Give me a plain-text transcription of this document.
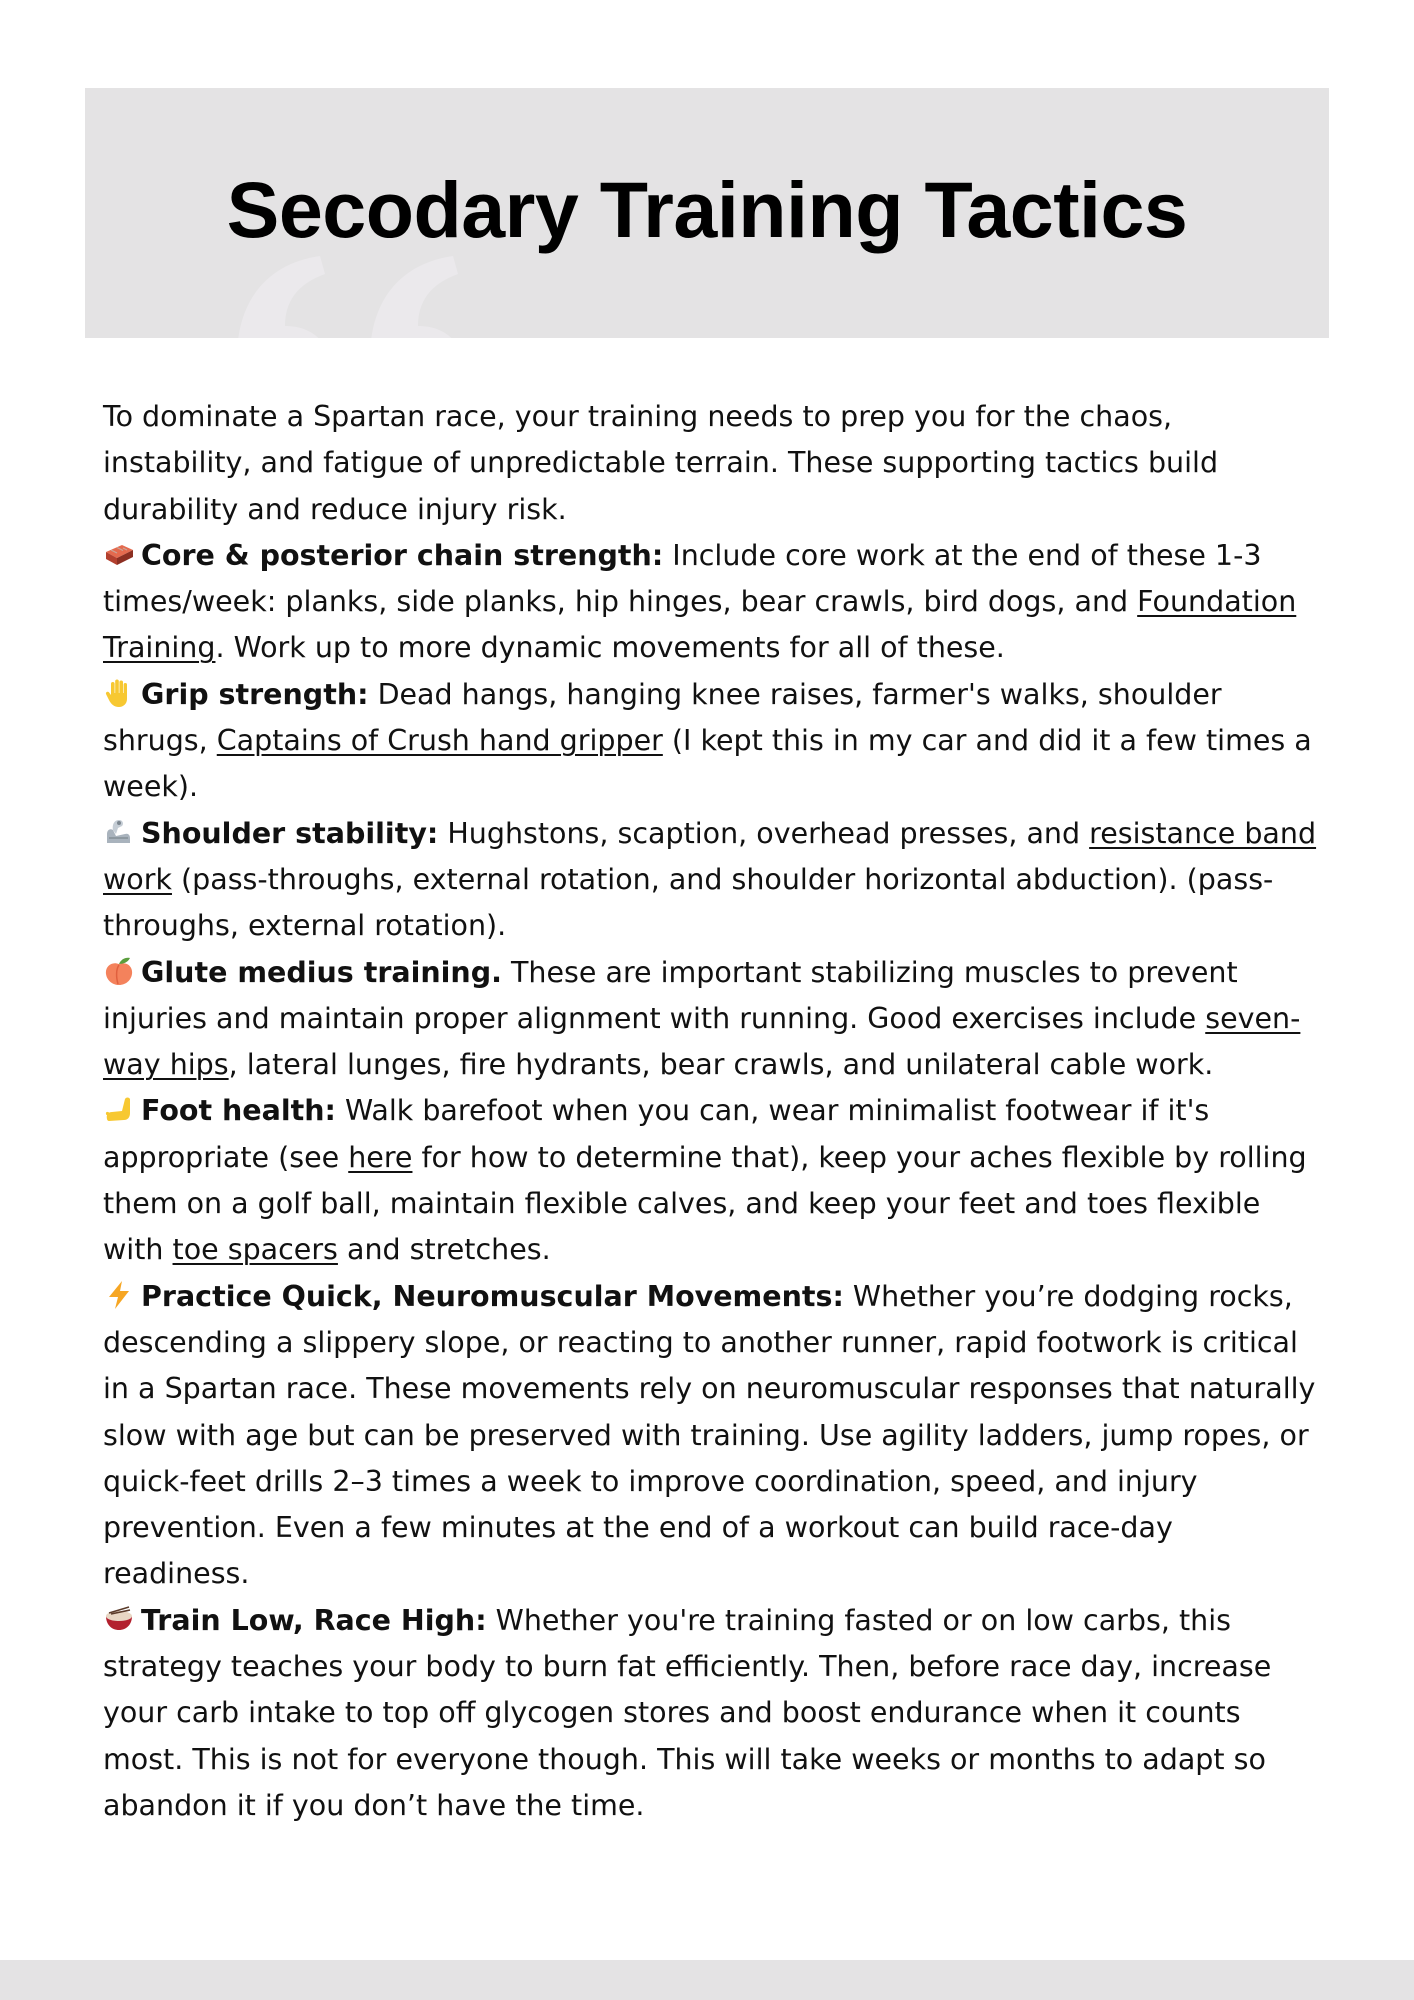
Secodary Training Tactics

To dominate a Spartan race, your training needs to prep you for the chaos, instability, and fatigue of unpredictable terrain. These supporting tactics build durability and reduce injury risk.

Core & posterior chain strength: Include core work at the end of these 1-3 times/week: planks, side planks, hip hinges, bear crawls, bird dogs, and Foundation Training. Work up to more dynamic movements for all of these.

Grip strength: Dead hangs, hanging knee raises, farmer's walks, shoulder shrugs, Captains of Crush hand gripper (I kept this in my car and did it a few times a week).

Shoulder stability: Hughstons, scaption, overhead presses, and resistance band work (pass-throughs, external rotation, and shoulder horizontal abduction). (pass-throughs, external rotation).

Glute medius training. These are important stabilizing muscles to prevent injuries and maintain proper alignment with running. Good exercises include seven-way hips, lateral lunges, fire hydrants, bear crawls, and unilateral cable work.

Foot health: Walk barefoot when you can, wear minimalist footwear if it's appropriate (see here for how to determine that), keep your aches flexible by rolling them on a golf ball, maintain flexible calves, and keep your feet and toes flexible with toe spacers and stretches.

Practice Quick, Neuromuscular Movements: Whether you’re dodging rocks, descending a slippery slope, or reacting to another runner, rapid footwork is critical in a Spartan race. These movements rely on neuromuscular responses that naturally slow with age but can be preserved with training. Use agility ladders, jump ropes, or quick-feet drills 2–3 times a week to improve coordination, speed, and injury prevention. Even a few minutes at the end of a workout can build race-day readiness.

Train Low, Race High: Whether you're training fasted or on low carbs, this strategy teaches your body to burn fat efficiently. Then, before race day, increase your carb intake to top off glycogen stores and boost endurance when it counts most. This is not for everyone though. This will take weeks or months to adapt so abandon it if you don’t have the time.
